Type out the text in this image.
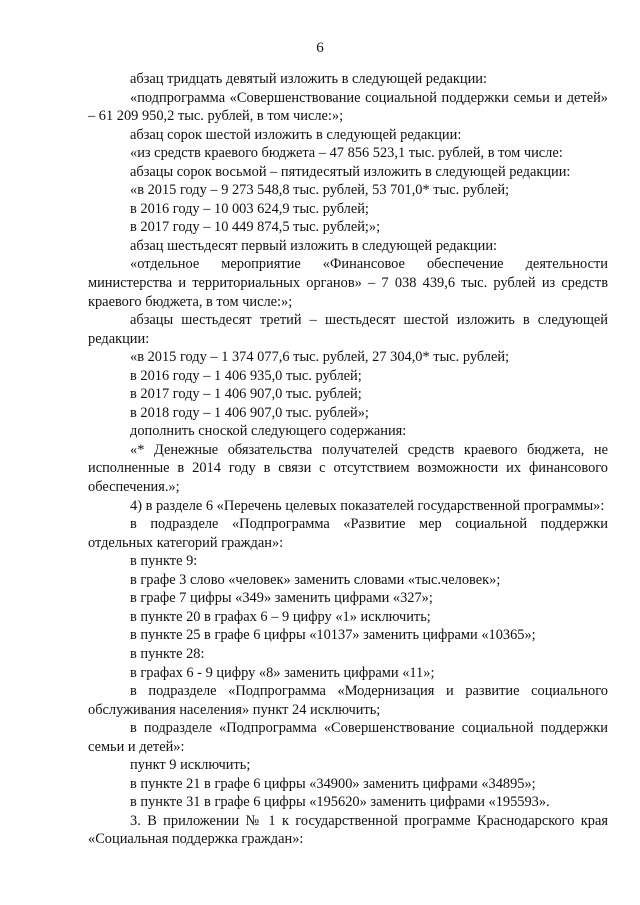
6

абзац тридцать девятый изложить в следующей редакции:

«подпрограмма «Совершенствование социальной поддержки семьи и детей» – 61 209 950,2 тыс. рублей, в том числе:»;

абзац сорок шестой изложить в следующей редакции:

«из средств краевого бюджета – 47 856 523,1 тыс. рублей, в том числе:

абзацы сорок восьмой – пятидесятый изложить в следующей редакции:

«в 2015 году – 9 273 548,8 тыс. рублей, 53 701,0* тыс. рублей;

в 2016 году – 10 003 624,9 тыс. рублей;

в 2017 году – 10 449 874,5 тыс. рублей;»;

абзац шестьдесят первый изложить в следующей редакции:

«отдельное мероприятие «Финансовое обеспечение деятельности министерства и территориальных органов» – 7 038 439,6 тыс. рублей из средств краевого бюджета, в том числе:»;

абзацы шестьдесят третий – шестьдесят шестой изложить в следующей редакции:

«в 2015 году – 1 374 077,6 тыс. рублей, 27 304,0* тыс. рублей;

в 2016 году – 1 406 935,0 тыс. рублей;

в 2017 году – 1 406 907,0 тыс. рублей;

в 2018 году – 1 406 907,0 тыс. рублей»;

дополнить сноской следующего содержания:

«* Денежные обязательства получателей средств краевого бюджета, не исполненные в 2014 году в связи с отсутствием возможности их финансового обеспечения.»;

4) в разделе 6 «Перечень целевых показателей государственной программы»:

в подразделе «Подпрограмма «Развитие мер социальной поддержки отдельных категорий граждан»:

в пункте 9:

в графе 3 слово «человек» заменить словами «тыс.человек»;

в графе 7 цифры «349» заменить цифрами «327»;

в пункте 20 в графах 6 – 9 цифру «1» исключить;

в пункте 25 в графе 6 цифры «10137» заменить цифрами «10365»;

в пункте 28:

в графах 6 - 9 цифру «8» заменить цифрами «11»;

в подразделе «Подпрограмма «Модернизация и развитие социального обслуживания населения» пункт 24 исключить;

в подразделе «Подпрограмма «Совершенствование социальной поддержки семьи и детей»:

пункт 9 исключить;

в пункте 21 в графе 6 цифры «34900» заменить цифрами «34895»;

в пункте 31 в графе 6 цифры «195620» заменить цифрами «195593».

3. В приложении № 1 к государственной программе Краснодарского края «Социальная поддержка граждан»:
